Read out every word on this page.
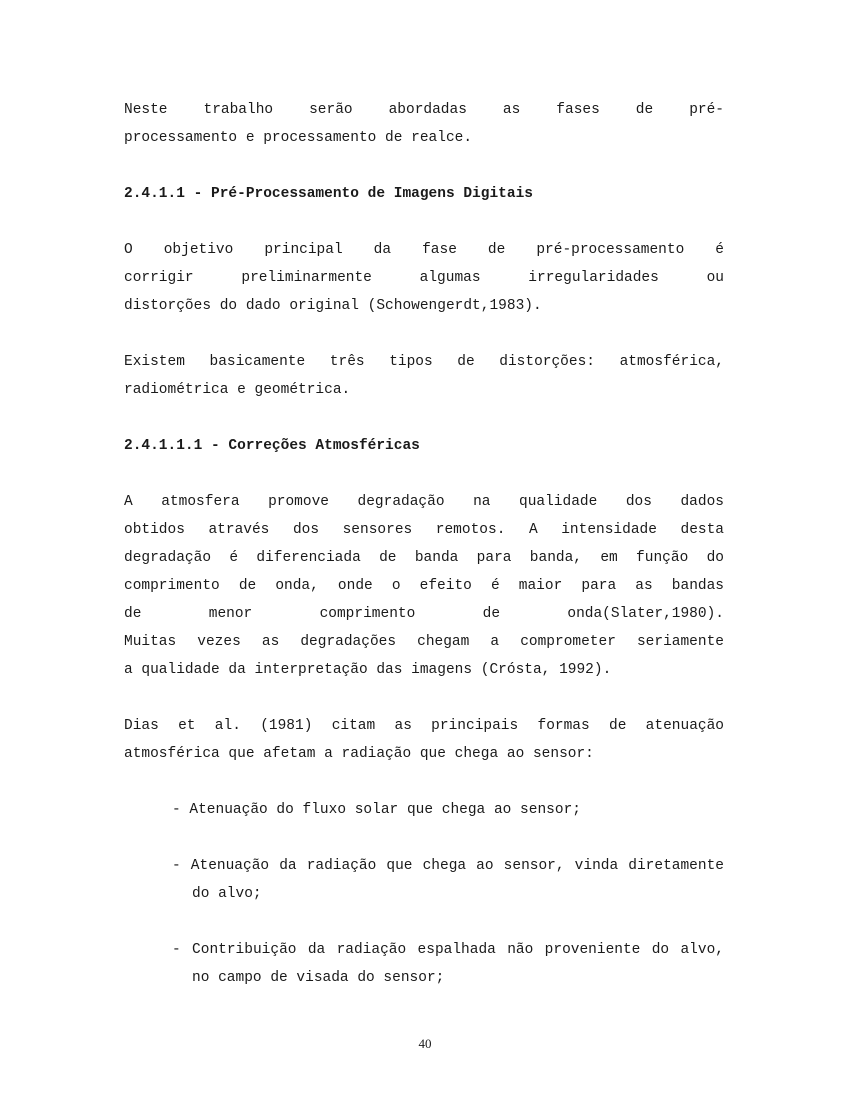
Neste trabalho serão abordadas as fases de pré-

processamento e processamento de realce.

2.4.1.1 - Pré-Processamento de Imagens Digitais

O objetivo principal da fase de pré-processamento é

corrigir preliminarmente algumas irregularidades ou

distorções do dado original (Schowengerdt,1983).

Existem basicamente três tipos de distorções: atmosférica,

radiométrica e geométrica.

2.4.1.1.1 - Correções Atmosféricas

A atmosfera promove degradação na qualidade dos dados

obtidos através dos sensores remotos. A intensidade desta

degradação é diferenciada de banda para banda, em função do

comprimento de onda, onde o efeito é maior para as bandas

de menor comprimento de onda(Slater,1980).

Muitas vezes as degradações chegam a comprometer seriamente

a qualidade da interpretação das imagens (Crósta, 1992).

Dias et al. (1981) citam as principais formas de atenuação

atmosférica que afetam a radiação que chega ao sensor:

- Atenuação do fluxo solar que chega ao sensor;

- Atenuação da radiação que chega ao sensor, vinda diretamente do alvo;

- Contribuição da radiação espalhada não proveniente do alvo, no campo de visada do sensor;

40
